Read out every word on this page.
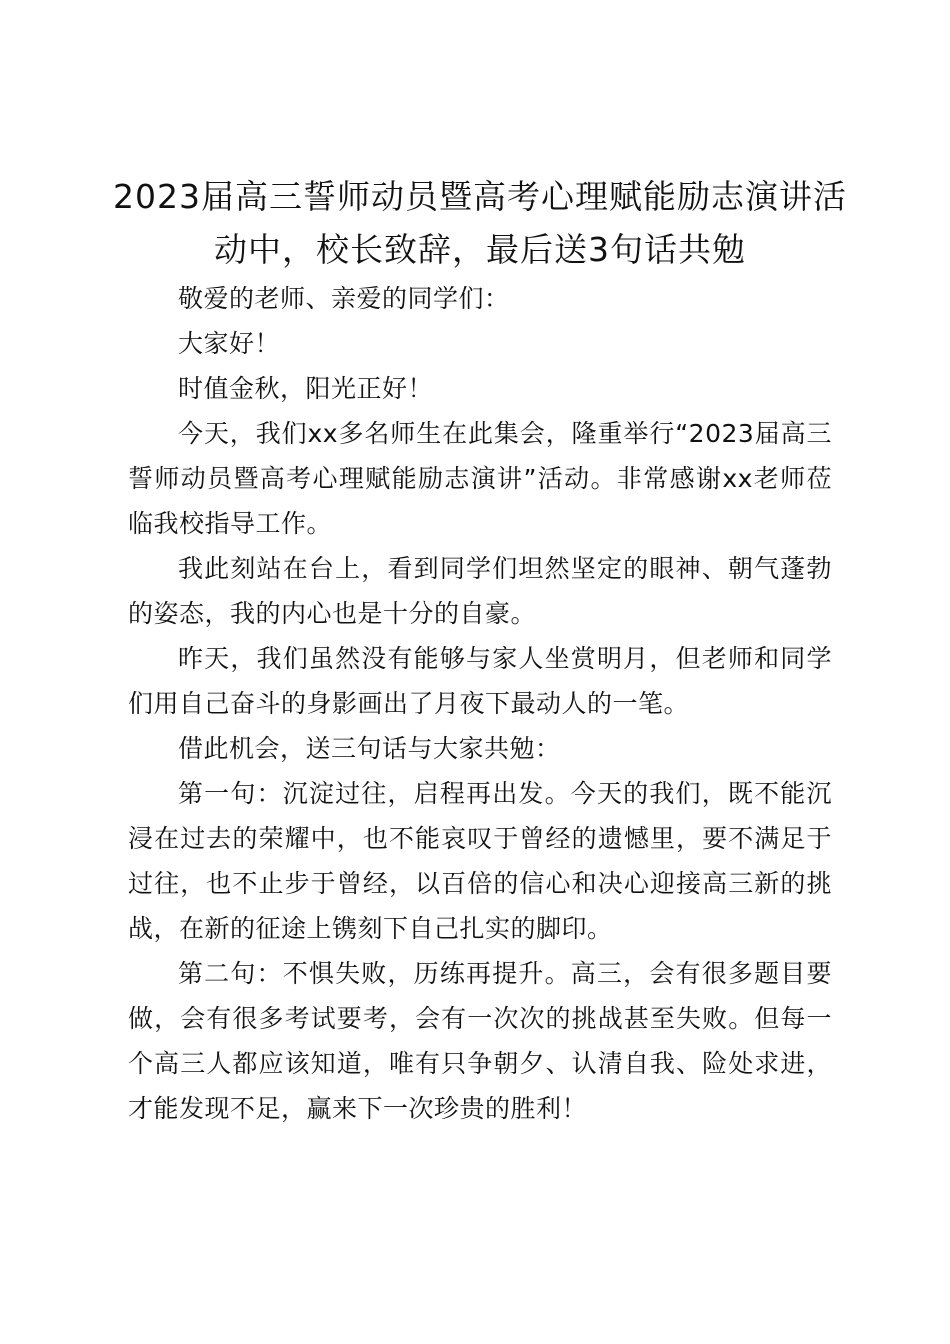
2023届高三誓师动员暨高考心理赋能励志演讲活动中，校长致辞，最后送3句话共勉

敬爱的老师、亲爱的同学们：

大家好！

时值金秋，阳光正好！

今天，我们xx多名师生在此集会，隆重举行“2023届高三誓师动员暨高考心理赋能励志演讲”活动。非常感谢xx老师莅临我校指导工作。

我此刻站在台上，看到同学们坦然坚定的眼神、朝气蓬勃的姿态，我的内心也是十分的自豪。

昨天，我们虽然没有能够与家人坐赏明月，但老师和同学们用自己奋斗的身影画出了月夜下最动人的一笔。

借此机会，送三句话与大家共勉：

第一句：沉淀过往，启程再出发。今天的我们，既不能沉浸在过去的荣耀中，也不能哀叹于曾经的遗憾里，要不满足于过往，也不止步于曾经，以百倍的信心和决心迎接高三新的挑战，在新的征途上镌刻下自己扎实的脚印。

第二句：不惧失败，历练再提升。高三，会有很多题目要做，会有很多考试要考，会有一次次的挑战甚至失败。但每一个高三人都应该知道，唯有只争朝夕、认清自我、险处求进，才能发现不足，赢来下一次珍贵的胜利！
